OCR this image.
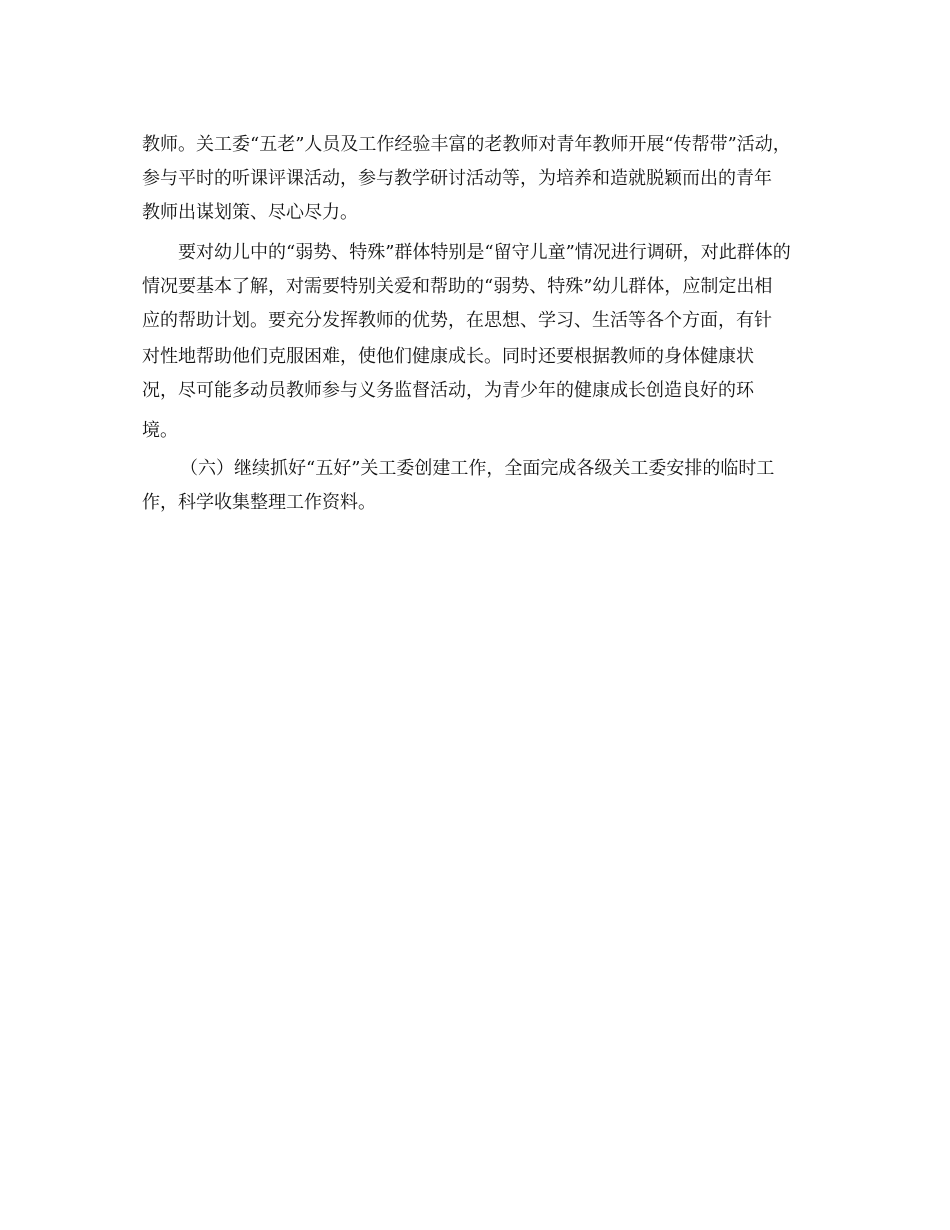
教师。关工委“五老”人员及工作经验丰富的老教师对青年教师开展“传帮带”活动，
参与平时的听课评课活动，参与教学研讨活动等，为培养和造就脱颖而出的青年
教师出谋划策、尽心尽力。
要对幼儿中的“弱势、特殊”群体特别是“留守儿童”情况进行调研，对此群体的
情况要基本了解，对需要特别关爱和帮助的“弱势、特殊”幼儿群体，应制定出相
应的帮助计划。要充分发挥教师的优势，在思想、学习、生活等各个方面，有针
对性地帮助他们克服困难，使他们健康成长。同时还要根据教师的身体健康状
况，尽可能多动员教师参与义务监督活动，为青少年的健康成长创造良好的环
境。
（六）继续抓好“五好”关工委创建工作，全面完成各级关工委安排的临时工
作，科学收集整理工作资料。
